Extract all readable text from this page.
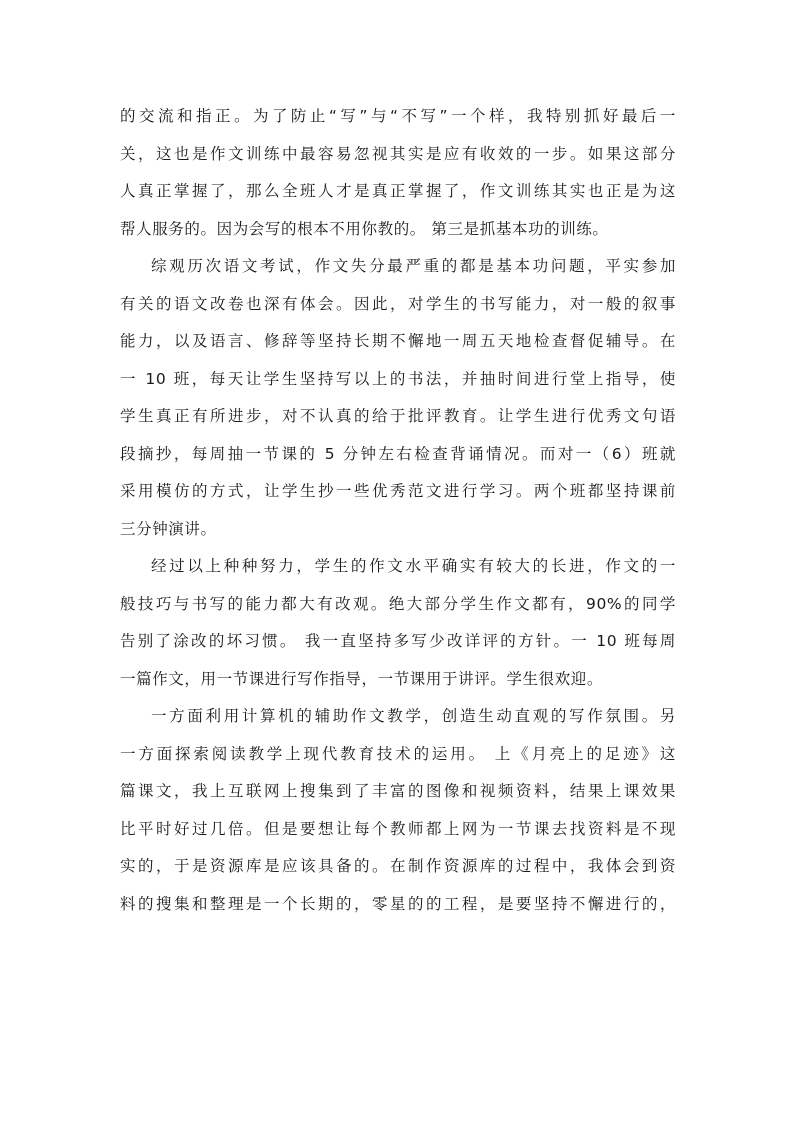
的交流和指正。为了防止“写”与“不写”一个样，我特别抓好最后一
关，这也是作文训练中最容易忽视其实是应有收效的一步。如果这部分
人真正掌握了，那么全班人才是真正掌握了，作文训练其实也正是为这
帮人服务的。因为会写的根本不用你教的。 第三是抓基本功的训练。
综观历次语文考试，作文失分最严重的都是基本功问题，平实参加
有关的语文改卷也深有体会。因此，对学生的书写能力，对一般的叙事
能力，以及语言、修辞等坚持长期不懈地一周五天地检查督促辅导。在
一 10 班，每天让学生坚持写以上的书法，并抽时间进行堂上指导，使
学生真正有所进步，对不认真的给于批评教育。让学生进行优秀文句语
段摘抄，每周抽一节课的 5 分钟左右检查背诵情况。而对一（6）班就
采用模仿的方式，让学生抄一些优秀范文进行学习。两个班都坚持课前
三分钟演讲。
经过以上种种努力，学生的作文水平确实有较大的长进，作文的一
般技巧与书写的能力都大有改观。绝大部分学生作文都有，90%的同学
告别了涂改的坏习惯。 我一直坚持多写少改详评的方针。一 10 班每周
一篇作文，用一节课进行写作指导，一节课用于讲评。学生很欢迎。
一方面利用计算机的辅助作文教学，创造生动直观的写作氛围。另
一方面探索阅读教学上现代教育技术的运用。 上《月亮上的足迹》这
篇课文，我上互联网上搜集到了丰富的图像和视频资料，结果上课效果
比平时好过几倍。但是要想让每个教师都上网为一节课去找资料是不现
实的，于是资源库是应该具备的。在制作资源库的过程中，我体会到资
料的搜集和整理是一个长期的，零星的的工程，是要坚持不懈进行的，
